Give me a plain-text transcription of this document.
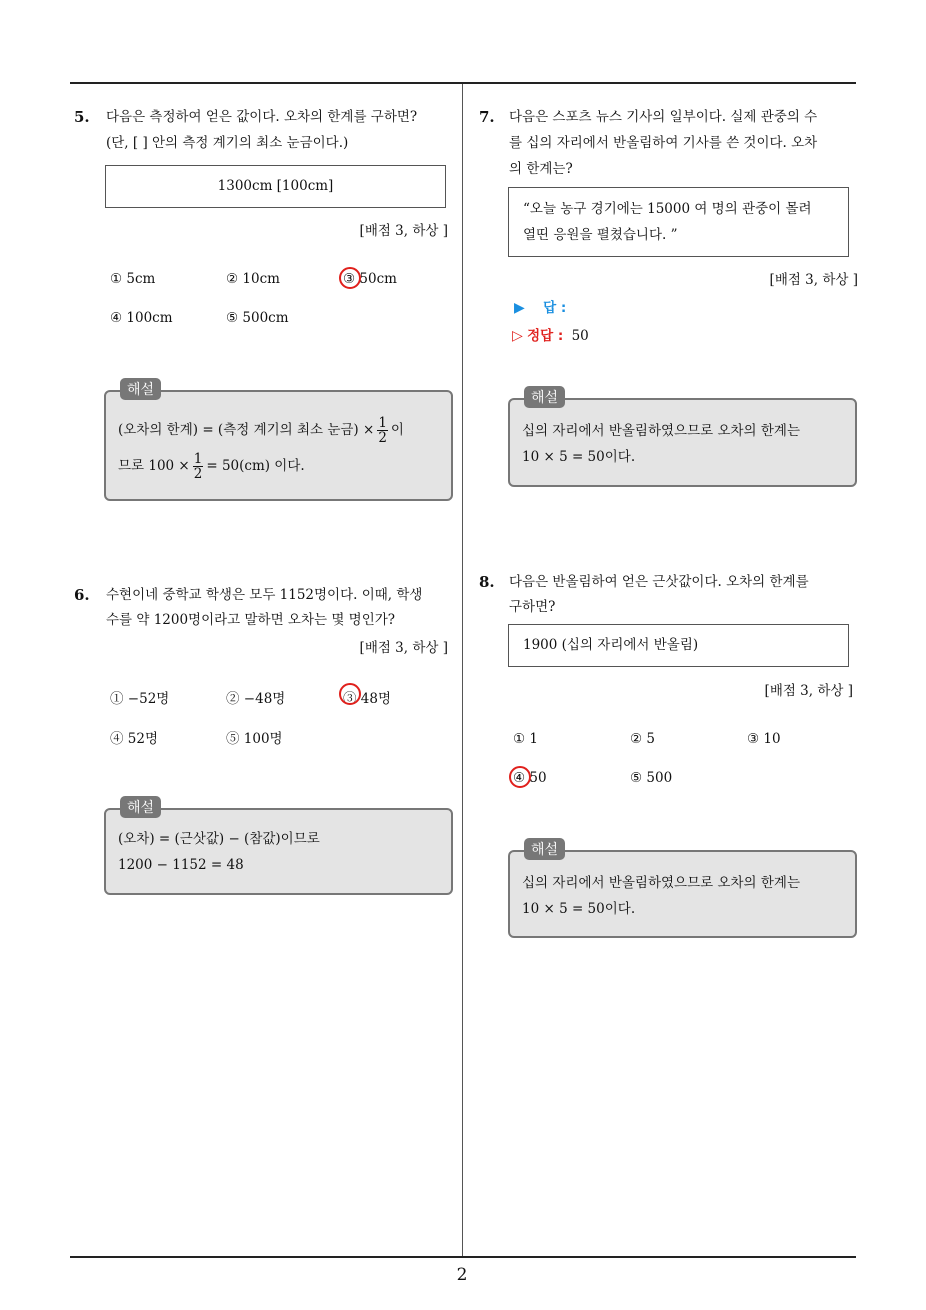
2
5. 다음은 측정하여 얻은 값이다. 오차의 한계를 구하면?
(단, [ ] 안의 측정 계기의 최소 눈금이다.)
1300cm [100cm]
[배점 3, 하상 ]
① 5cm	② 10cm	③ 50cm
④ 100cm	⑤ 500cm
(오차의 한계) = (측정 계기의 최소 눈금) × $\frac{1}{2}$ 이
므로 $100 \times \frac{1}{2} = 50(cm)$ 이다.
해설
6. 수현이네 중학교 학생은 모두 1152명이다. 이때, 학생
수를 약 1200명이라고 말하면 오차는 몇 명인가?
[배점 3, 하상 ]
① −52명	② −48명	③ 48명
④ 52명	⑤ 100명
(오차) = (근삿값) − (참값)이므로
1200 − 1152 = 48
해설
7. 다음은 스포츠 뉴스 기사의 일부이다. 실제 관중의 수
를 십의 자리에서 반올림하여 기사를 쓴 것이다. 오차
의 한계는?
“오늘 농구 경기에는 15000 여 명의 관중이 몰려
열띤 응원을 펼쳤습니다. ”
[배점 3, 하상 ]
▶ 답 :
▷ 정답 : 50
십의 자리에서 반올림하였으므로 오차의 한계는
10 × 5 = 50이다.
해설
8. 다음은 반올림하여 얻은 근삿값이다. 오차의 한계를
구하면?
1900 (십의 자리에서 반올림)
[배점 3, 하상 ]
① 1	② 5	③ 10
④ 50	⑤ 500
십의 자리에서 반올림하였으므로 오차의 한계는
10 × 5 = 50이다.
해설
